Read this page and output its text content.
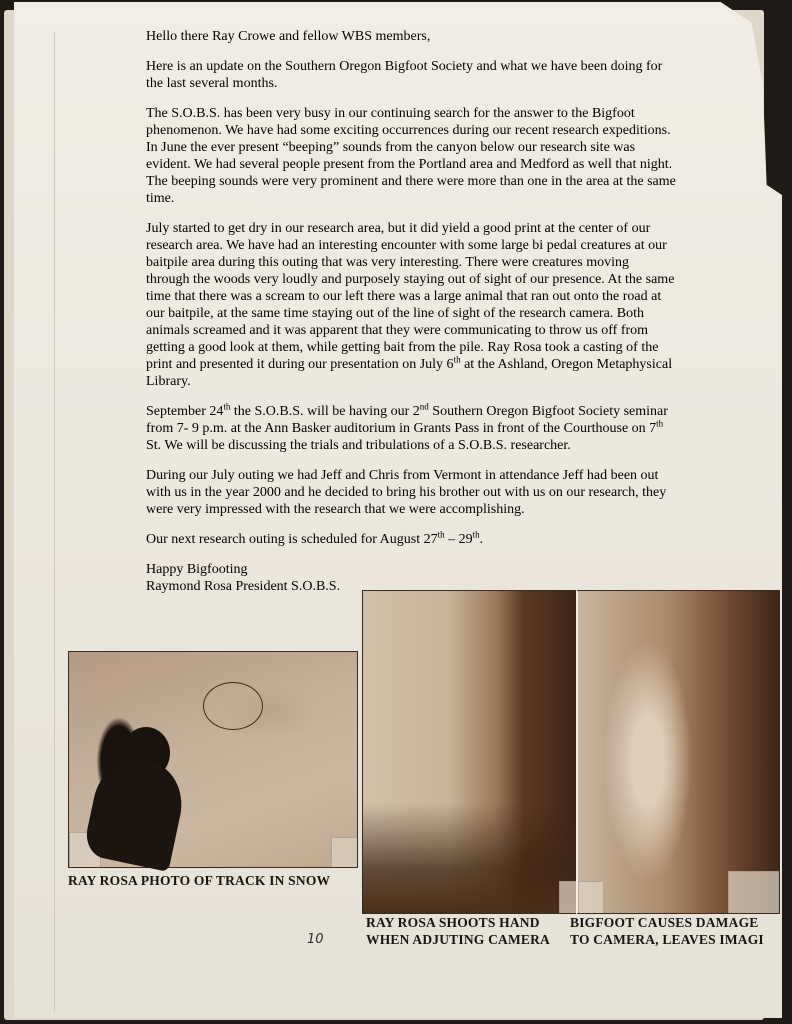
Hello there Ray Crowe and fellow WBS members,

Here is an update on the Southern Oregon Bigfoot Society and what we have been doing for the last several months.

The S.O.B.S. has been very busy in our continuing search for the answer to the Bigfoot phenomenon. We have had some exciting occurrences during our recent research expeditions. In June the ever present “beeping” sounds from the canyon below our research site was evident. We had several people present from the Portland area and Medford as well that night. The beeping sounds were very prominent and there were more than one in the area at the same time.

July started to get dry in our research area, but it did yield a good print at the center of our research area. We have had an interesting encounter with some large bi pedal creatures at our baitpile area during this outing that was very interesting. There were creatures moving through the woods very loudly and purposely staying out of sight of our presence. At the same time that there was a scream to our left there was a large animal that ran out onto the road at our baitpile, at the same time staying out of the line of sight of the research camera. Both animals screamed and it was apparent that they were communicating to throw us off from getting a good look at them, while getting bait from the pile. Ray Rosa took a casting of the print and presented it during our presentation on July 6th at the Ashland, Oregon Metaphysical Library.

September 24th the S.O.B.S. will be having our 2nd Southern Oregon Bigfoot Society seminar from 7- 9 p.m. at the Ann Basker auditorium in Grants Pass in front of the Courthouse on 7th St. We will be discussing the trials and tribulations of a S.O.B.S. researcher.

During our July outing we had Jeff and Chris from Vermont in attendance Jeff had been out with us in the year 2000 and he decided to bring his brother out with us on our research, they were very impressed with the research that we were accomplishing.

Our next research outing is scheduled for August 27th – 29th.

Happy Bigfooting
Raymond Rosa President S.O.B.S.
RAY ROSA PHOTO OF TRACK IN SNOW
RAY ROSA SHOOTS HAND
WHEN ADJUTING CAMERA
BIGFOOT CAUSES DAMAGE
TO CAMERA, LEAVES IMAGI
10
